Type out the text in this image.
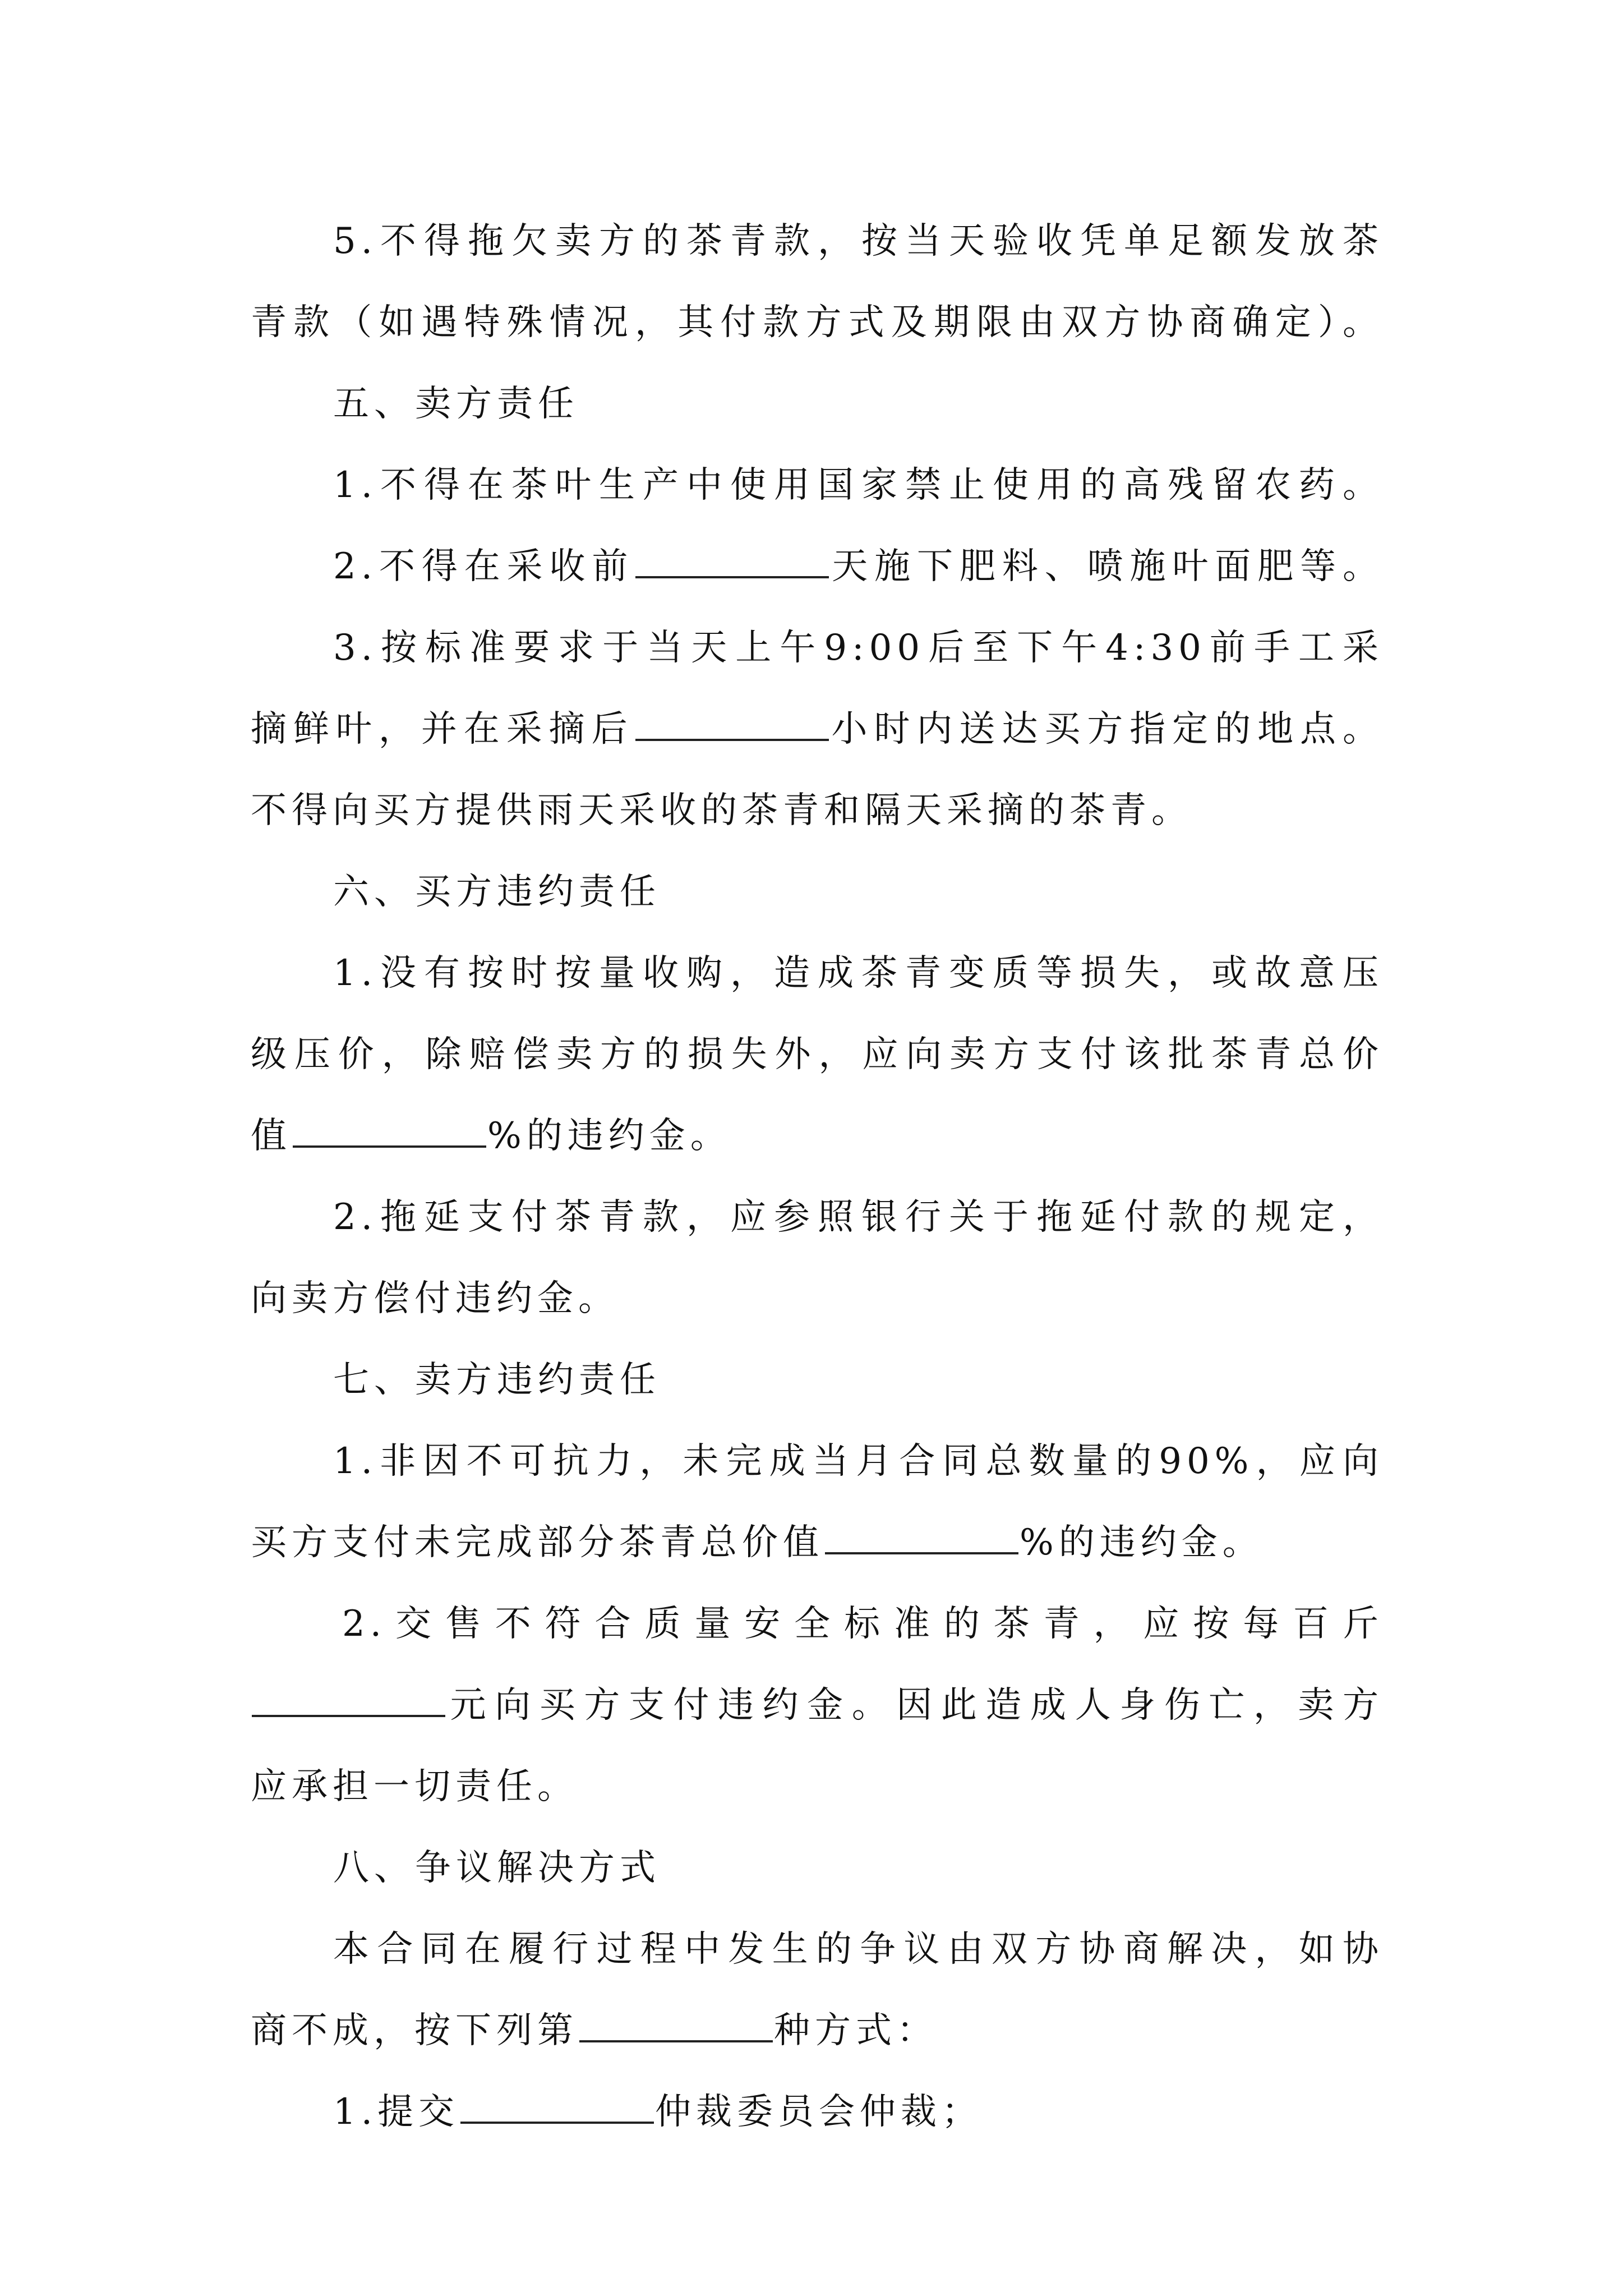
5.不得拖欠卖方的茶青款，按当天验收凭单足额发放茶
青款（如遇特殊情况，其付款方式及期限由双方协商确定）。
五、卖方责任
1.不得在茶叶生产中使用国家禁止使用的高残留农药。
2.不得在采收前	天施下肥料、喷施叶面肥等。
3.按标准要求于当天上午9:00后至下午4:30前手工采
摘鲜叶，并在采摘后	小时内送达买方指定的地点。
不得向买方提供雨天采收的茶青和隔天采摘的茶青。
六、买方违约责任
1.没有按时按量收购，造成茶青变质等损失，或故意压
级压价，除赔偿卖方的损失外，应向卖方支付该批茶青总价
值	%的违约金。
2.拖延支付茶青款，应参照银行关于拖延付款的规定，
向卖方偿付违约金。
七、卖方违约责任
1.非因不可抗力，未完成当月合同总数量的90%，应向
买方支付未完成部分茶青总价值	%的违约金。
2.交售不符合质量安全标准的茶青，应按每百斤
元向买方支付违约金。因此造成人身伤亡，卖方
应承担一切责任。
八、争议解决方式
本合同在履行过程中发生的争议由双方协商解决，如协
商不成，按下列第	种方式：
1.提交	仲裁委员会仲裁；
